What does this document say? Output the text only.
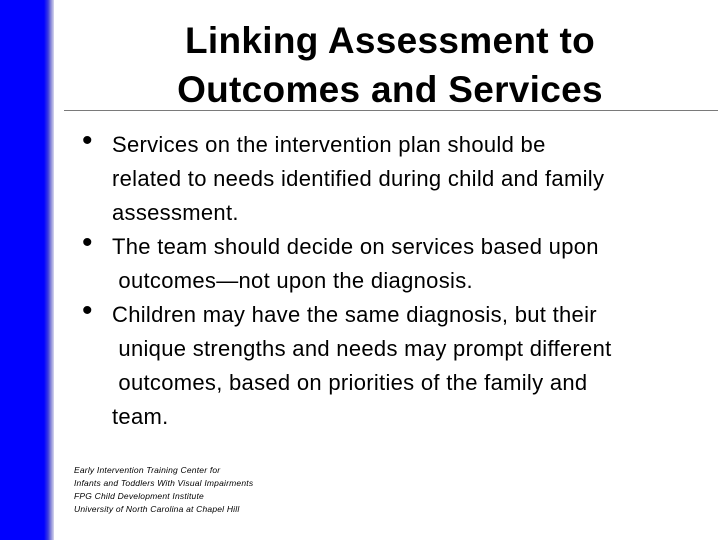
Linking Assessment to
Outcomes and Services
• Services on the intervention plan should be
related to needs identified during child and family
assessment.
• The team should decide on services based upon
outcomes—not upon the diagnosis.
• Children may have the same diagnosis, but their
unique strengths and needs may prompt different
outcomes, based on priorities of the family and
team.
Early Intervention Training Center for
Infants and Toddlers With Visual Impairments
FPG Child Development Institute
University of North Carolina at Chapel Hill
